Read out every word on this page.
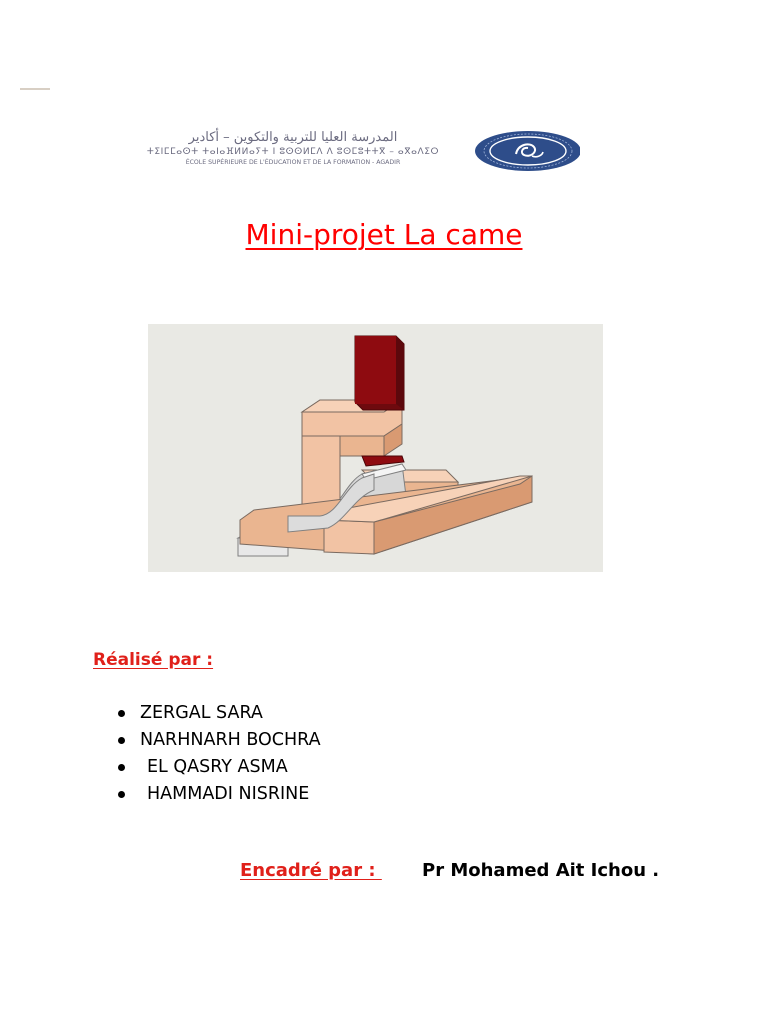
المدرسة العليا للتربية والتكوين – أكادير
ⵜⵉⵏⵎⵎⴰⵙⵜ ⵜⴰⵏⴰⴼⵍⵍⴰⵢⵜ ⵏ ⵓⵙⵙⵍⵎⴷ ⴷ ⵓⵙⵎⵓⵜⵜⴳ – ⴰⴳⴰⴷⵉⵔ
ÉCOLE SUPÉRIEURE DE L'ÉDUCATION ET DE LA FORMATION - AGADIR
Mini-projet La came
Réalisé par :
ZERGAL SARA
NARHNARH BOCHRA
EL QASRY ASMA
HAMMADI NISRINE
Encadré par : Pr Mohamed Ait Ichou .
